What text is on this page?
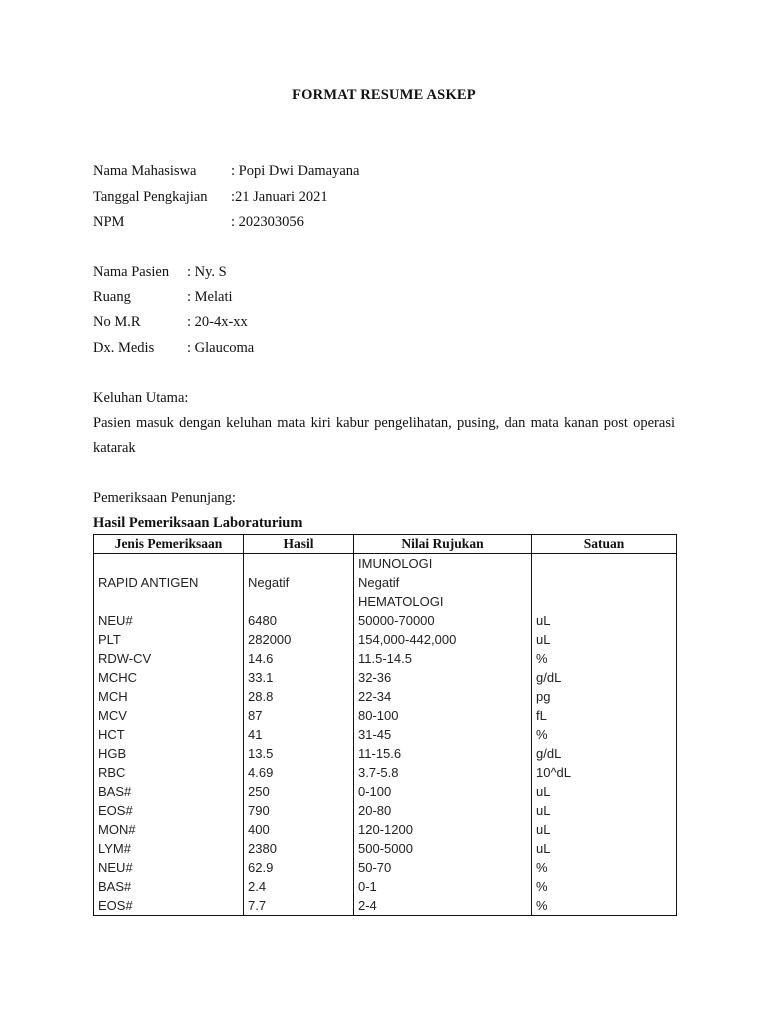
FORMAT RESUME ASKEP
Nama Mahasiswa : Popi Dwi Damayana
Tanggal Pengkajian :21 Januari 2021
NPM	: 202303056
Nama Pasien : Ny. S
Ruang	: Melati
No M.R	: 20-4x-xx
Dx. Medis : Glaucoma
Keluhan Utama:
Pasien masuk dengan keluhan mata kiri kabur pengelihatan, pusing, dan mata kanan post operasi katarak
Pemeriksaan Penunjang:
Hasil Pemeriksaan Laboraturium
Jenis Pemeriksaan	Hasil	Nilai Rujukan	Satuan
		IMUNOLOGI	
RAPID ANTIGEN	Negatif	Negatif	
		HEMATOLOGI	
NEU#	6480	50000-70000	uL
PLT	282000	154,000-442,000	uL
RDW-CV	14.6	11.5-14.5	%
MCHC	33.1	32-36	g/dL
MCH	28.8	22-34	pg
MCV	87	80-100	fL
HCT	41	31-45	%
HGB	13.5	11-15.6	g/dL
RBC	4.69	3.7-5.8	10^dL
BAS#	250	0-100	uL
EOS#	790	20-80	uL
MON#	400	120-1200	uL
LYM#	2380	500-5000	uL
NEU#	62.9	50-70	%
BAS#	2.4	0-1	%
EOS#	7.7	2-4	%
